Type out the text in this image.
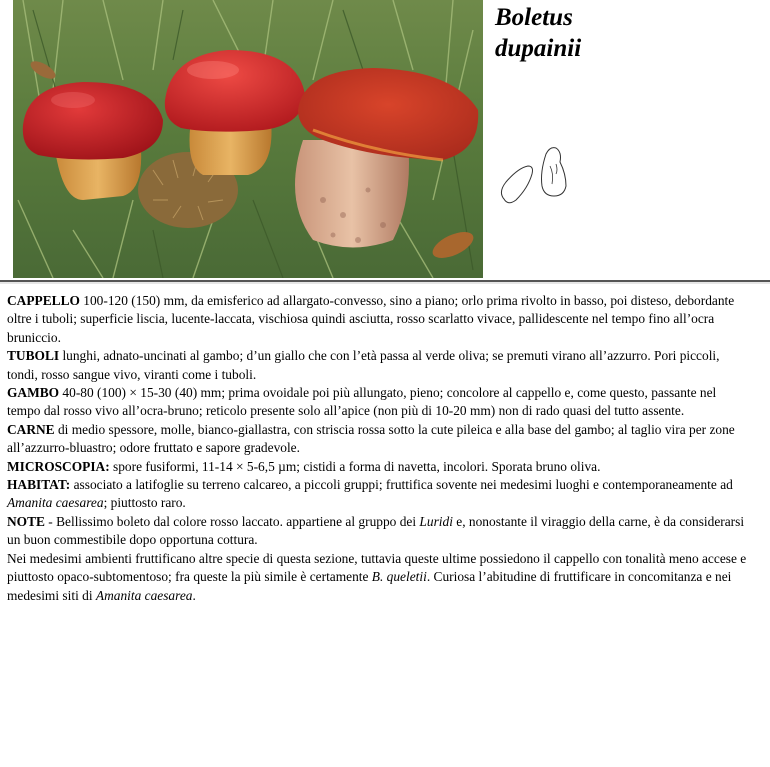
Boletus
dupainii

CAPPELLO 100-120 (150) mm, da emisferico ad allargato-convesso, sino a piano; orlo prima rivolto in basso, poi disteso, debordante oltre i tuboli; superficie liscia, lucente-laccata, vischiosa quindi asciutta, rosso scarlatto vivace, pallidescente nel tempo fino all’ocra bruniccio.

TUBOLI lunghi, adnato-uncinati al gambo; d’un giallo che con l’età passa al verde oliva; se premuti virano all’azzurro. Pori piccoli, tondi, rosso sangue vivo, viranti come i tuboli.

GAMBO 40-80 (100) × 15-30 (40) mm; prima ovoidale poi più allungato, pieno; concolore al cappello e, come questo, passante nel tempo dal rosso vivo all’ocra-bruno; reticolo presente solo all’apice (non più di 10-20 mm) non di rado quasi del tutto assente.

CARNE di medio spessore, molle, bianco-giallastra, con striscia rossa sotto la cute pileica e alla base del gambo; al taglio vira per zone all’azzurro-bluastro; odore fruttato e sapore gradevole.

MICROSCOPIA: spore fusiformi, 11-14 × 5-6,5 µm; cistidi a forma di navetta, incolori. Sporata bruno oliva.

HABITAT: associato a latifoglie su terreno calcareo, a piccoli gruppi; fruttifica sovente nei medesimi luoghi e contemporaneamente ad Amanita caesarea; piuttosto raro.

NOTE - Bellissimo boleto dal colore rosso laccato. appartiene al gruppo dei Luridi e, nonostante il viraggio della carne, è da considerarsi un buon commestibile dopo opportuna cottura.

Nei medesimi ambienti fruttificano altre specie di questa sezione, tuttavia queste ultime possiedono il cappello con tonalità meno accese e piuttosto opaco-subtomentoso; fra queste la più simile è certamente B. queletii. Curiosa l’abitudine di fruttificare in concomitanza e nei medesimi siti di Amanita caesarea.
